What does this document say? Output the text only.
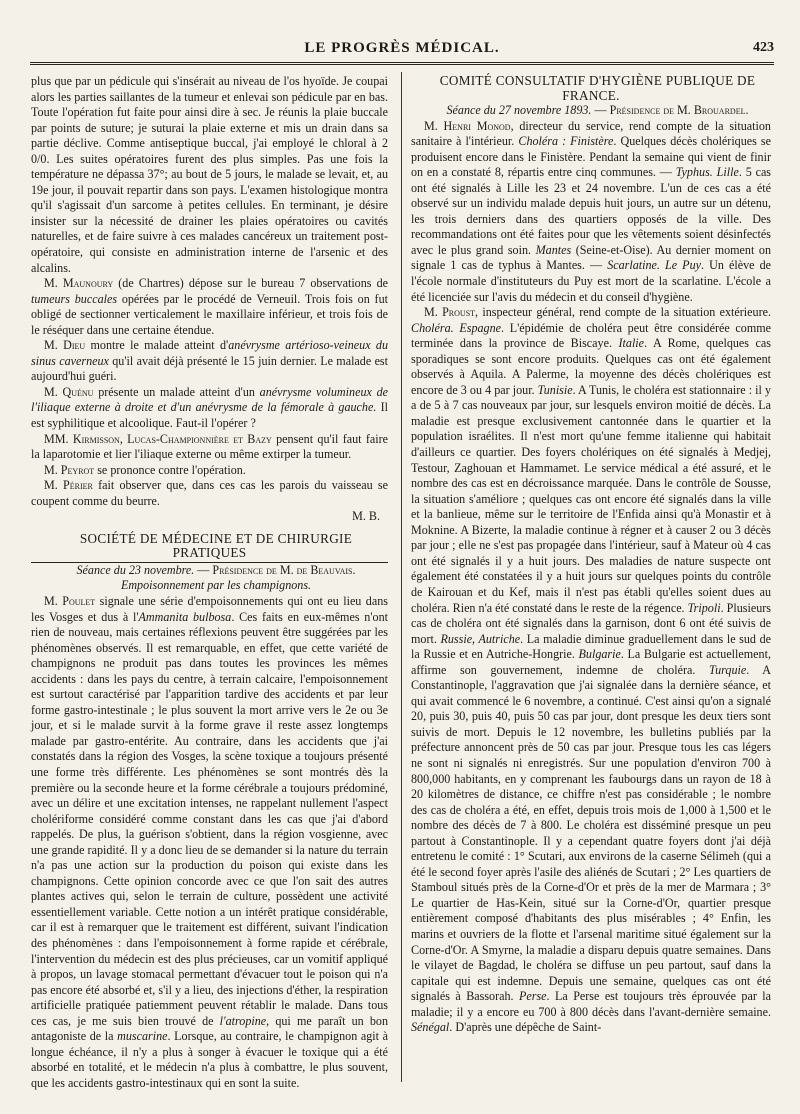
LE PROGRÈS MÉDICAL.	423

plus que par un pédicule qui s'insérait au niveau de l'os hyoïde. Je coupai alors les parties saillantes de la tumeur et enlevai son pédicule par en bas. Toute l'opération fut faite pour ainsi dire à sec. Je réunis la plaie buccale par points de suture; je suturai la plaie externe et mis un drain dans sa partie déclive. Comme antiseptique buccal, j'ai employé le chloral à 2 0/0. Les suites opératoires furent des plus simples. Pas une fois la température ne dépassa 37°; au bout de 5 jours, le malade se levait, et, au 19e jour, il pouvait repartir dans son pays. L'examen histologique montra qu'il s'agissait d'un sarcome à petites cellules. En terminant, je désire insister sur la nécessité de drainer les plaies opératoires ou cavités naturelles, et de faire suivre à ces malades cancéreux un traitement post-opératoire, qui consiste en administration interne de l'arsenic et des alcalins.

M. Maunoury (de Chartres) dépose sur le bureau 7 observations de tumeurs buccales opérées par le procédé de Verneuil. Trois fois on fut obligé de sectionner verticalement le maxillaire inférieur, et trois fois de le réséquer dans une certaine étendue.

M. Dieu montre le malade atteint d'anévrysme artérioso-veineux du sinus caverneux qu'il avait déjà présenté le 15 juin dernier. Le malade est aujourd'hui guéri.

M. Quénu présente un malade atteint d'un anévrysme volumineux de l'iliaque externe à droite et d'un anévrysme de la fémorale à gauche. Il est syphilitique et alcoolique. Faut-il l'opérer ?

MM. Kirmisson, Lucas-Championnière et Bazy pensent qu'il faut faire la laparotomie et lier l'iliaque externe ou même extirper la tumeur.

M. Peyrot se prononce contre l'opération.

M. Périer fait observer que, dans ces cas les parois du vaisseau se coupent comme du beurre.

M. B.

SOCIÉTÉ DE MÉDECINE ET DE CHIRURGIE PRATIQUES

Séance du 23 novembre. — Présidence de M. de Beauvais.

Empoisonnement par les champignons.

M. Poulet signale une série d'empoisonnements qui ont eu lieu dans les Vosges et dus à l'Ammanita bulbosa. Ces faits en eux-mêmes n'ont rien de nouveau, mais certaines réflexions peuvent être suggérées par les phénomènes observés. Il est remarquable, en effet, que cette variété de champignons ne produit pas dans toutes les provinces les mêmes accidents : dans les pays du centre, à terrain calcaire, l'empoisonnement est surtout caractérisé par l'apparition tardive des accidents et par leur forme gastro-intestinale ; le plus souvent la mort arrive vers le 2e ou 3e jour, et si le malade survit à la forme grave il reste assez longtemps malade par gastro-entérite. Au contraire, dans les accidents que j'ai constatés dans la région des Vosges, la scène toxique a toujours présenté une forme très différente. Les phénomènes se sont montrés dès la première ou la seconde heure et la forme cérébrale a toujours prédominé, avec un délire et une excitation intenses, ne rappelant nullement l'aspect cholériforme considéré comme constant dans les cas que j'ai d'abord rappelés. De plus, la guérison s'obtient, dans la région vosgienne, avec une grande rapidité. Il y a donc lieu de se demander si la nature du terrain n'a pas une action sur la production du poison qui existe dans les champignons. Cette opinion concorde avec ce que l'on sait des autres plantes actives qui, selon le terrain de culture, possèdent une activité essentiellement variable. Cette notion a un intérêt pratique considérable, car il est à remarquer que le traitement est différent, suivant l'indication des phénomènes : dans l'empoisonnement à forme rapide et cérébrale, l'intervention du médecin est des plus précieuses, car un vomitif appliqué à propos, un lavage stomacal permettant d'évacuer tout le poison qui n'a pas encore été absorbé et, s'il y a lieu, des injections d'éther, la respiration artificielle pratiquée patiemment peuvent rétablir le malade. Dans tous ces cas, je me suis bien trouvé de l'atropine, qui me paraît un bon antagoniste de la muscarine. Lorsque, au contraire, le champignon agit à longue échéance, il n'y a plus à songer à évacuer le toxique qui a été absorbé en totalité, et le médecin n'a plus à combattre, le plus souvent, que les accidents gastro-intestinaux qui en sont la suite.

COMITÉ CONSULTATIF D'HYGIÈNE PUBLIQUE DE FRANCE.

Séance du 27 novembre 1893. — Présidence de M. Brouardel.

M. Henri Monod, directeur du service, rend compte de la situation sanitaire à l'intérieur. Choléra : Finistère. Quelques décès cholériques se produisent encore dans le Finistère. Pendant la semaine qui vient de finir on en a constaté 8, répartis entre cinq communes. — Typhus. Lille. 5 cas ont été signalés à Lille les 23 et 24 novembre. L'un de ces cas a été observé sur un individu malade depuis huit jours, un autre sur un détenu, les trois derniers dans des quartiers opposés de la ville. Des recommandations ont été faites pour que les vêtements soient désinfectés avec le plus grand soin. Mantes (Seine-et-Oise). Au dernier moment on signale 1 cas de typhus à Mantes. — Scarlatine. Le Puy. Un élève de l'école normale d'instituteurs du Puy est mort de la scarlatine. L'école a été licenciée sur l'avis du médecin et du conseil d'hygiène.

M. Proust, inspecteur général, rend compte de la situation extérieure. Choléra. Espagne. L'épidémie de choléra peut être considérée comme terminée dans la province de Biscaye. Italie. A Rome, quelques cas sporadiques se sont encore produits. Quelques cas ont été également observés à Aquila. A Palerme, la moyenne des décès cholériques est encore de 3 ou 4 par jour. Tunisie. A Tunis, le choléra est stationnaire : il y a de 5 à 7 cas nouveaux par jour, sur lesquels environ moitié de décès. La maladie est presque exclusivement cantonnée dans le quartier et la population israélites. Il n'est mort qu'une femme italienne qui habitait d'ailleurs ce quartier. Des foyers cholériques on été signalés à Medjej, Testour, Zaghouan et Hammamet. Le service médical a été assuré, et le nombre des cas est en décroissance marquée. Dans le contrôle de Sousse, la situation s'améliore ; quelques cas ont encore été signalés dans la ville et la banlieue, même sur le territoire de l'Enfida ainsi qu'à Monastir et à Moknine. A Bizerte, la maladie continue à régner et à causer 2 ou 3 décès par jour ; elle ne s'est pas propagée dans l'intérieur, sauf à Mateur où 4 cas ont été signalés il y a huit jours. Des maladies de nature suspecte ont également été constatées il y a huit jours sur quelques points du contrôle de Kairouan et du Kef, mais il n'est pas établi qu'elles soient dues au choléra. Rien n'a été constaté dans le reste de la régence. Tripoli. Plusieurs cas de choléra ont été signalés dans la garnison, dont 6 ont été suivis de mort. Russie, Autriche. La maladie diminue graduellement dans le sud de la Russie et en Autriche-Hongrie. Bulgarie. La Bulgarie est actuellement, affirme son gouvernement, indemne de choléra. Turquie. A Constantinople, l'aggravation que j'ai signalée dans la dernière séance, et qui avait commencé le 6 novembre, a continué. C'est ainsi qu'on a signalé 20, puis 30, puis 40, puis 50 cas par jour, dont presque les deux tiers sont suivis de mort. Depuis le 12 novembre, les bulletins publiés par la préfecture annoncent près de 50 cas par jour. Presque tous les cas légers ne sont ni signalés ni enregistrés. Sur une population d'environ 700 à 800,000 habitants, en y comprenant les faubourgs dans un rayon de 18 à 20 kilomètres de distance, ce chiffre n'est pas considérable ; le nombre des cas de choléra a été, en effet, depuis trois mois de 1,000 à 1,500 et le nombre des décès de 7 à 800. Le choléra est disséminé presque un peu partout à Constantinople. Il y a cependant quatre foyers dont j'ai déjà entretenu le comité : 1° Scutari, aux environs de la caserne Sélimeh (qui a été le second foyer après l'asile des aliénés de Scutari ; 2° Les quartiers de Stamboul situés près de la Corne-d'Or et près de la mer de Marmara ; 3° Le quartier de Has-Kein, situé sur la Corne-d'Or, quartier presque entièrement composé d'habitants des plus misérables ; 4° Enfin, les marins et ouvriers de la flotte et l'arsenal maritime situé également sur la Corne-d'Or. A Smyrne, la maladie a disparu depuis quatre semaines. Dans le vilayet de Bagdad, le choléra se diffuse un peu partout, sauf dans la capitale qui est indemne. Depuis une semaine, quelques cas ont été signalés à Bassorah. Perse. La Perse est toujours très éprouvée par la maladie; il y a encore eu 700 à 800 décès dans l'avant-dernière semaine. Sénégal. D'après une dépêche de Saint-
